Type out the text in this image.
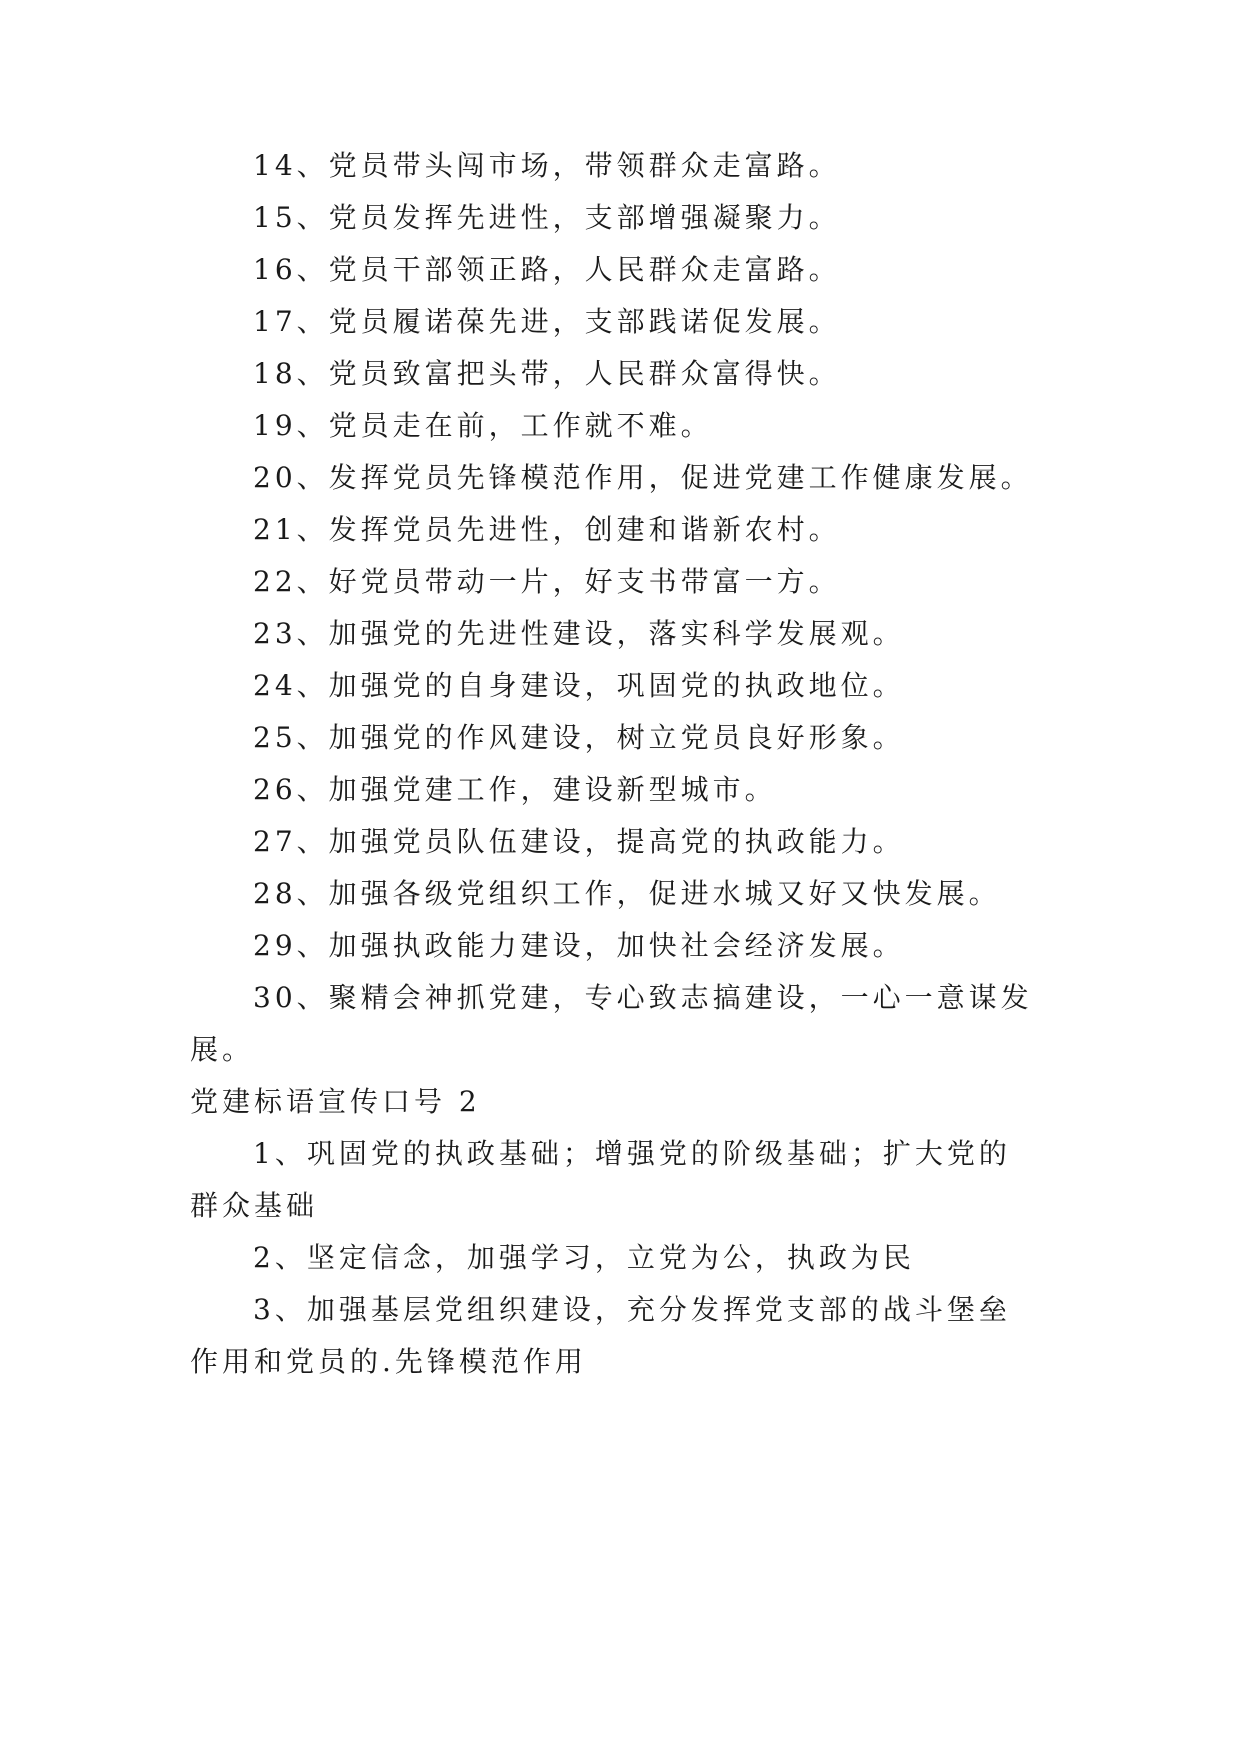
14、党员带头闯市场，带领群众走富路。
15、党员发挥先进性，支部增强凝聚力。
16、党员干部领正路，人民群众走富路。
17、党员履诺葆先进，支部践诺促发展。
18、党员致富把头带，人民群众富得快。
19、党员走在前，工作就不难。
20、发挥党员先锋模范作用，促进党建工作健康发展。
21、发挥党员先进性，创建和谐新农村。
22、好党员带动一片，好支书带富一方。
23、加强党的先进性建设，落实科学发展观。
24、加强党的自身建设，巩固党的执政地位。
25、加强党的作风建设，树立党员良好形象。
26、加强党建工作，建设新型城市。
27、加强党员队伍建设，提高党的执政能力。
28、加强各级党组织工作，促进水城又好又快发展。
29、加强执政能力建设，加快社会经济发展。
30、聚精会神抓党建，专心致志搞建设，一心一意谋发
展。
党建标语宣传口号 2
1、巩固党的执政基础；增强党的阶级基础；扩大党的
群众基础
2、坚定信念，加强学习，立党为公，执政为民
3、加强基层党组织建设，充分发挥党支部的战斗堡垒
作用和党员的.先锋模范作用
